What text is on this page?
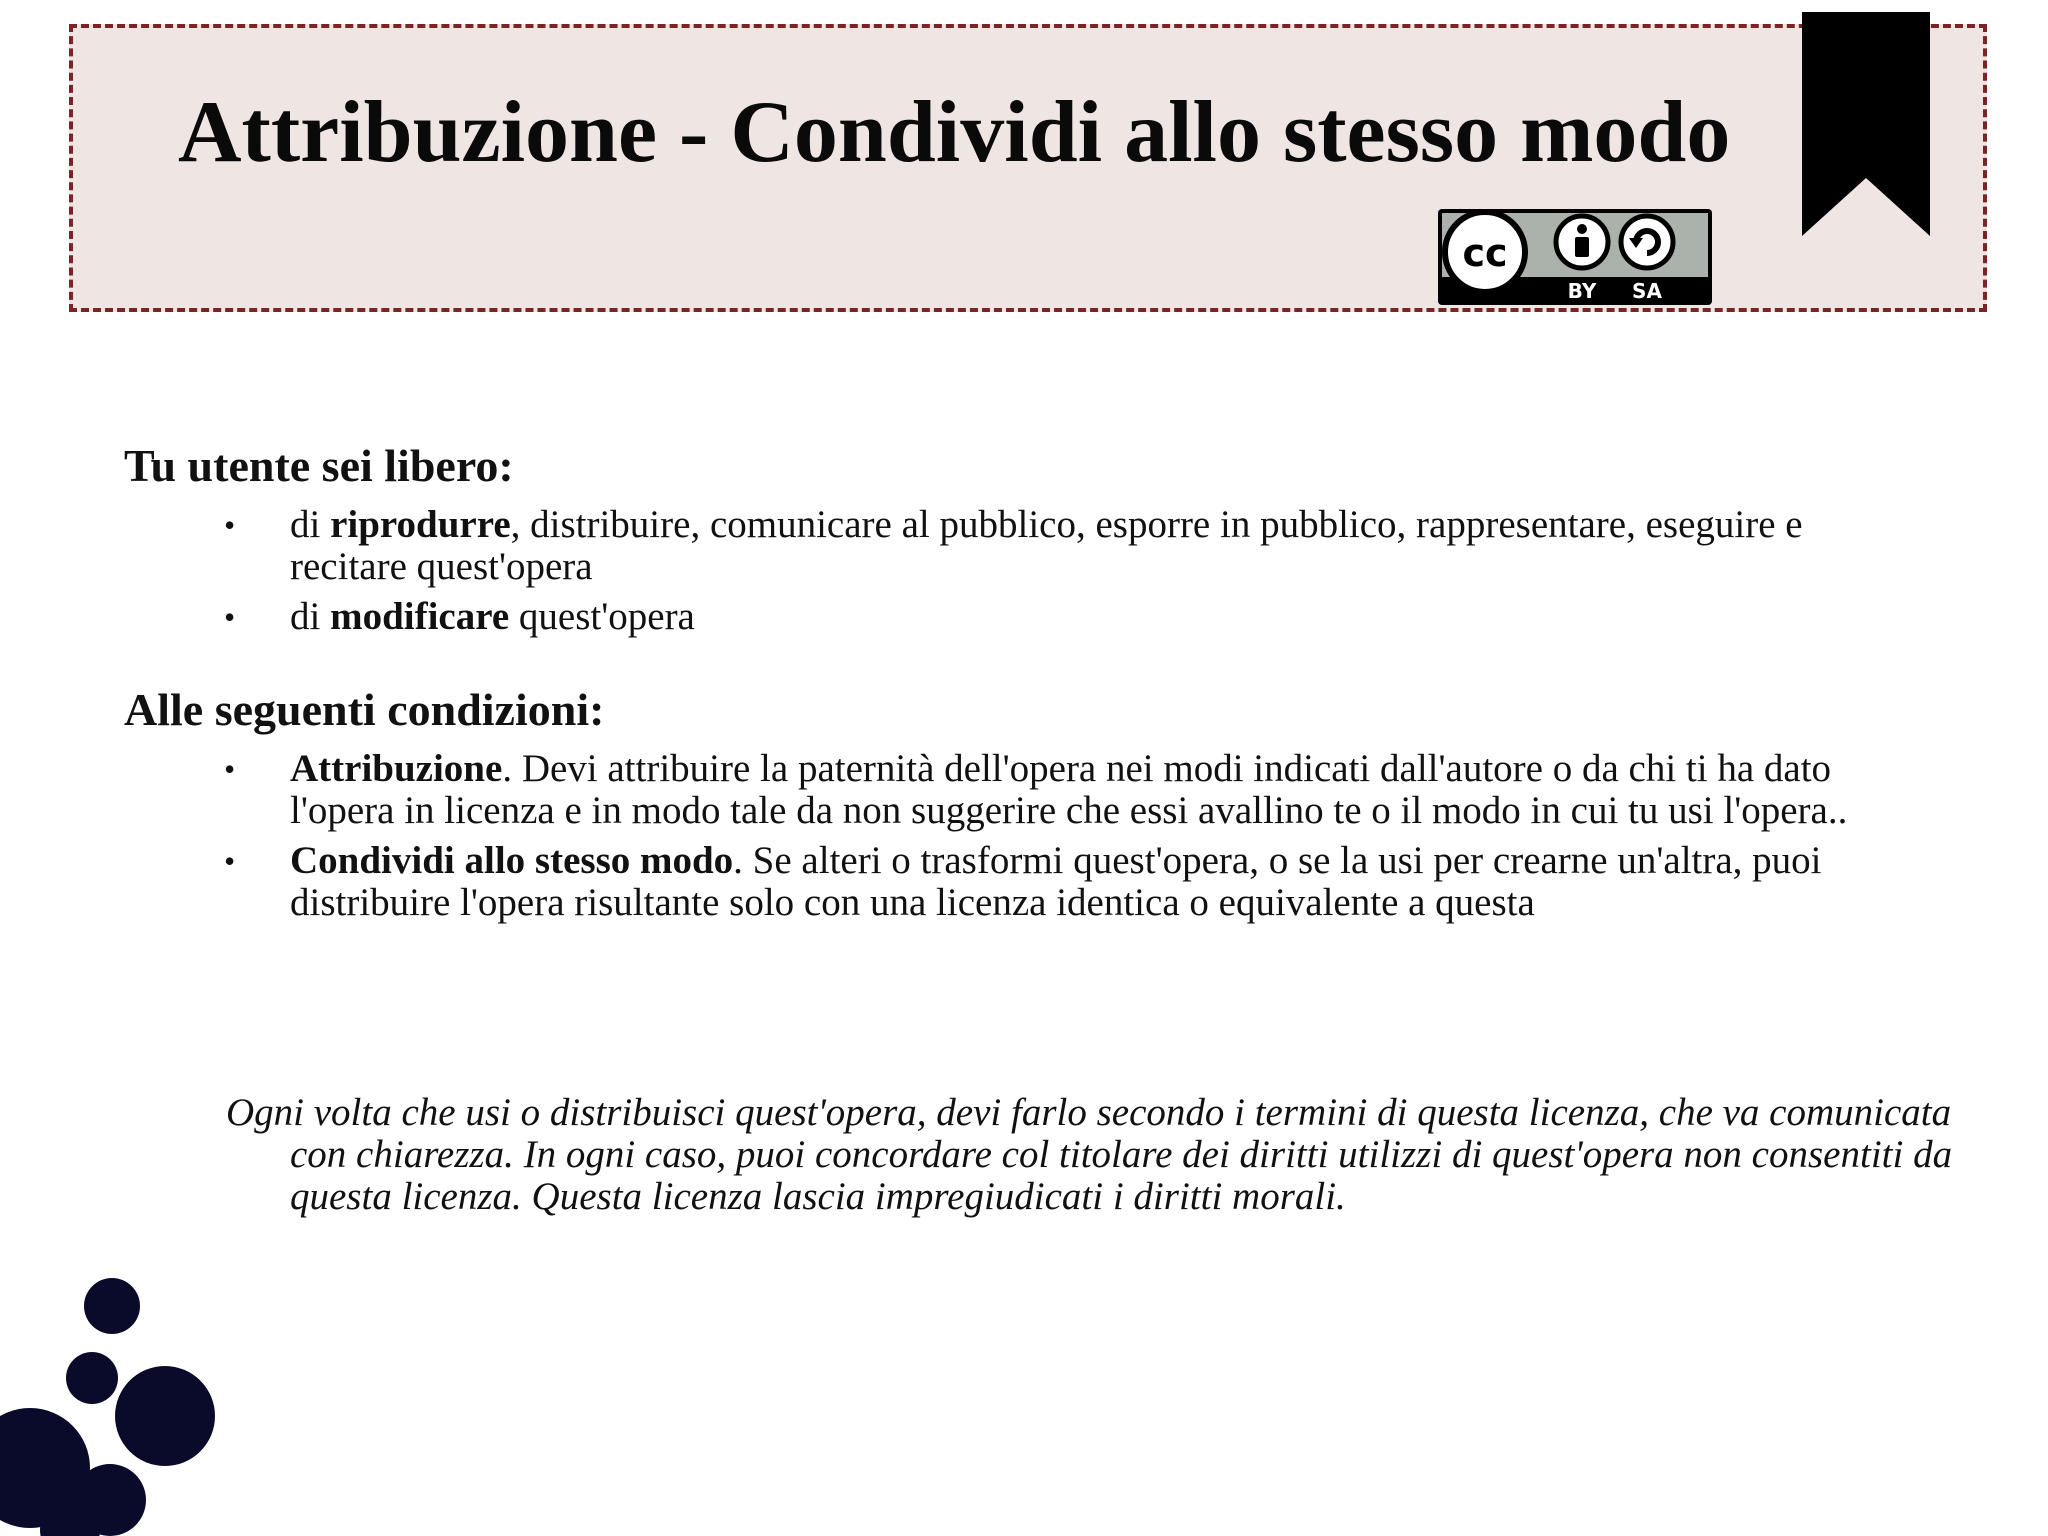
Attribuzione - Condividi allo stesso modo
cc
BY SA
Tu utente sei libero:
• di riprodurre, distribuire, comunicare al pubblico, esporre in pubblico, rappresentare, eseguire e recitare quest'opera
• di modificare quest'opera
Alle seguenti condizioni:
• Attribuzione. Devi attribuire la paternità dell'opera nei modi indicati dall'autore o da chi ti ha dato l'opera in licenza e in modo tale da non suggerire che essi avallino te o il modo in cui tu usi l'opera..
• Condividi allo stesso modo. Se alteri o trasformi quest'opera, o se la usi per crearne un'altra, puoi distribuire l'opera risultante solo con una licenza identica o equivalente a questa
Ogni volta che usi o distribuisci quest'opera, devi farlo secondo i termini di questa licenza, che va comunicata con chiarezza. In ogni caso, puoi concordare col titolare dei diritti utilizzi di quest'opera non consentiti da questa licenza. Questa licenza lascia impregiudicati i diritti morali.
